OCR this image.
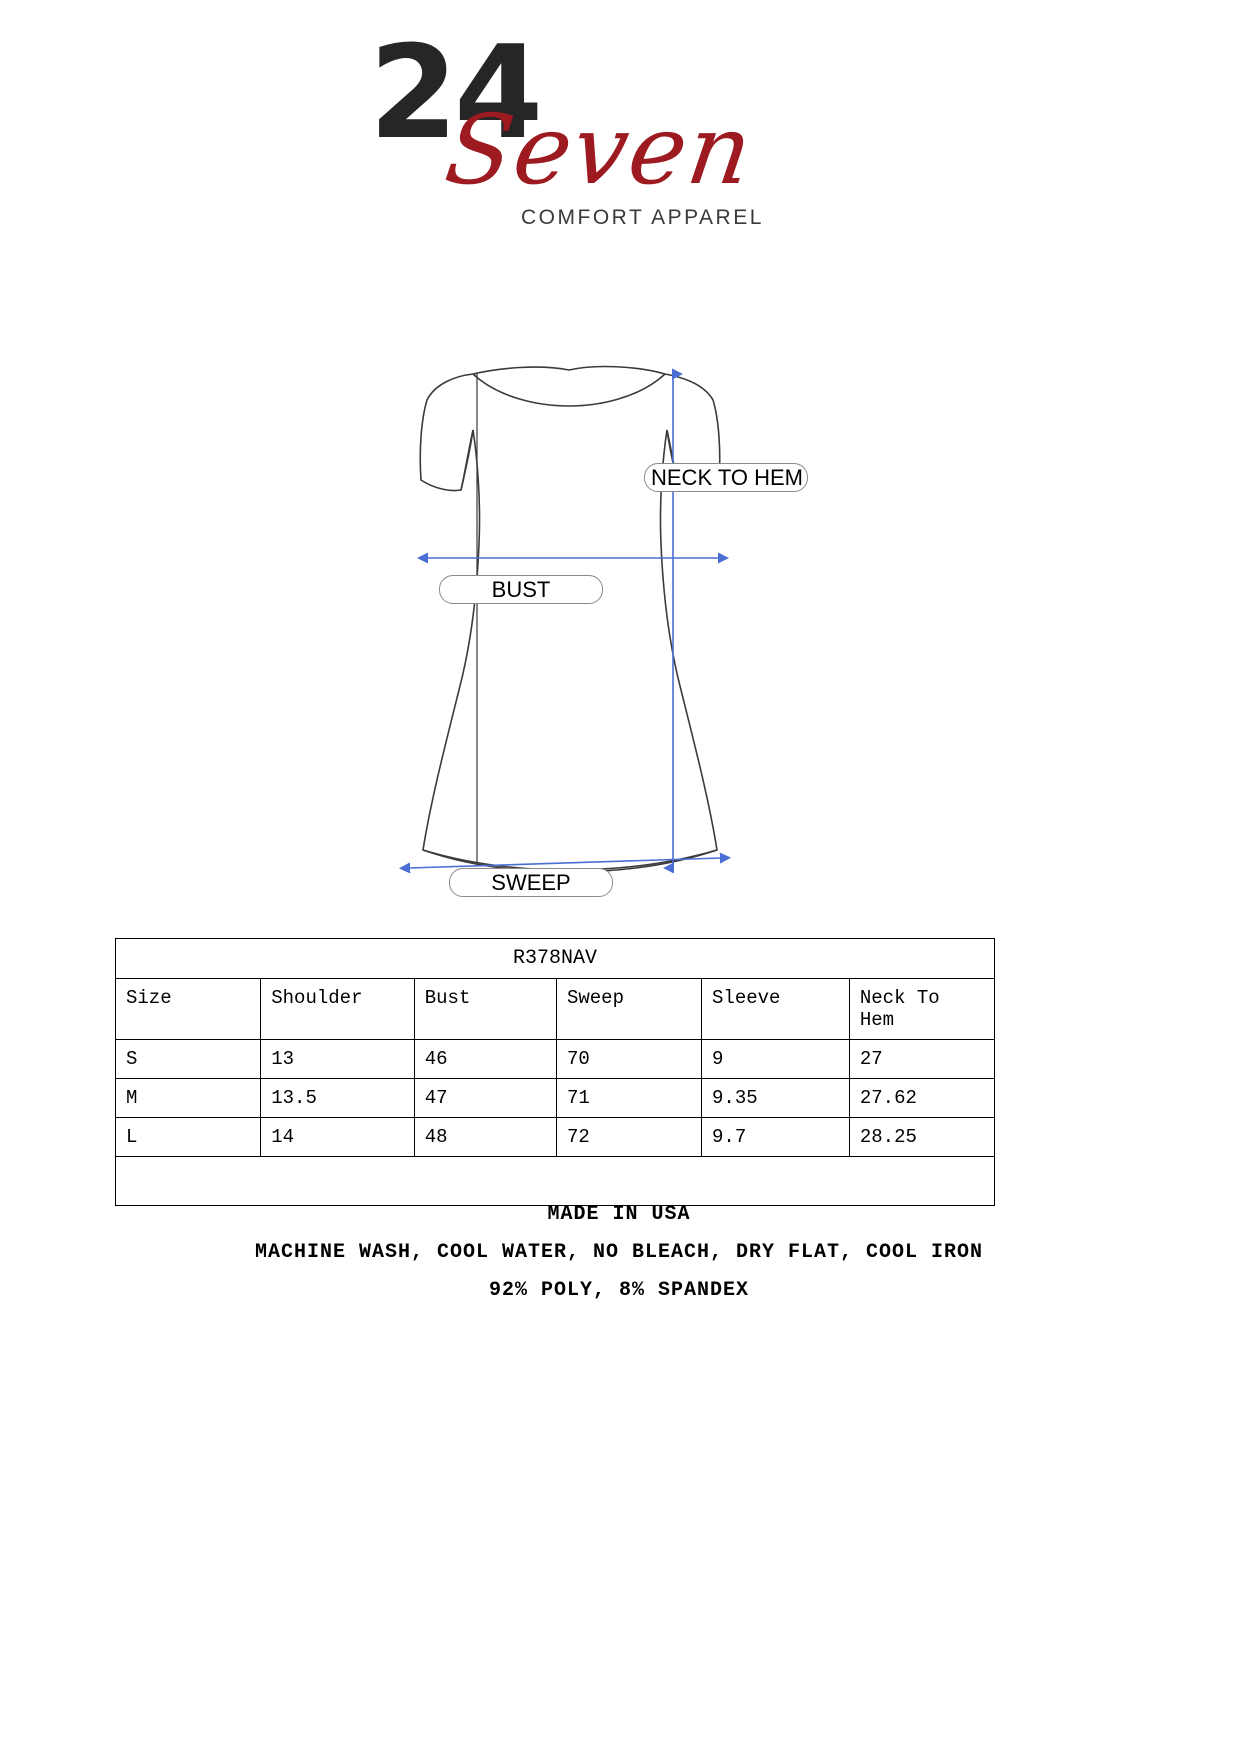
24
Seven
COMFORT APPAREL
NECK TO HEM
BUST
SWEEP
R378NAV					
Size	Shoulder	Bust	Sweep	Sleeve	Neck To Hem
S	13	46	70	9	27
M	13.5	47	71	9.35	27.62
L	14	48	72	9.7	28.25

MADE IN USA
MACHINE WASH, COOL WATER, NO BLEACH, DRY FLAT, COOL IRON
92% POLY, 8% SPANDEX
